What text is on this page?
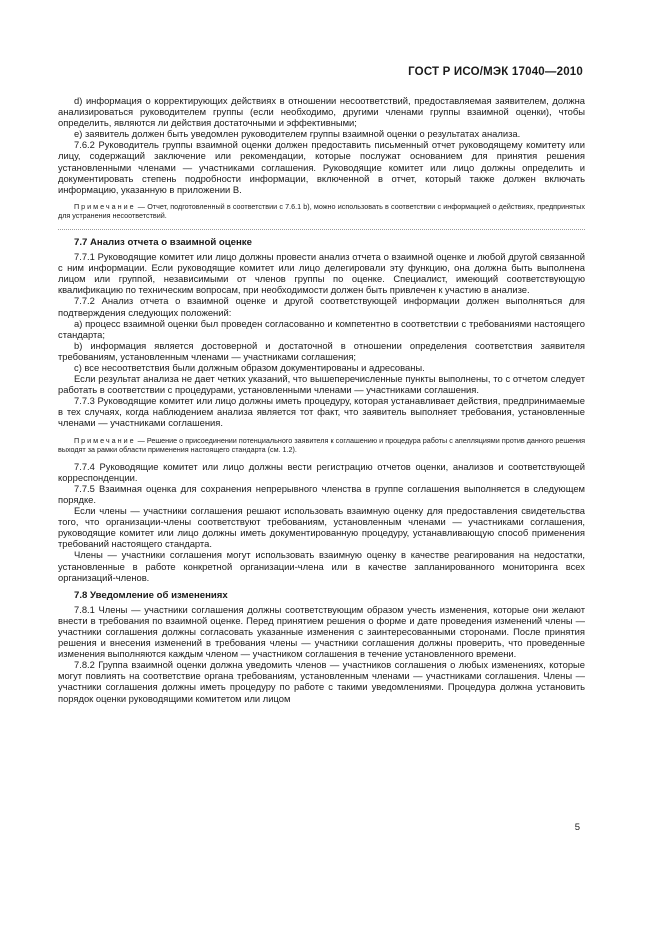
ГОСТ Р ИСО/МЭК 17040—2010

d) информация о корректирующих действиях в отношении несоответствий, предоставляемая заявителем, должна анализироваться руководителем группы (если необходимо, другими членами группы взаимной оценки), чтобы определить, являются ли действия достаточными и эффективными;

е) заявитель должен быть уведомлен руководителем группы взаимной оценки о результатах анализа.

7.6.2 Руководитель группы взаимной оценки должен предоставить письменный отчет руководящему комитету или лицу, содержащий заключение или рекомендации, которые послужат основанием для принятия решения установленными членами — участниками соглашения. Руководящие комитет или лицо должны определить и документировать степень подробности информации, включенной в отчет, который также должен включать информацию, указанную в приложении В.

Примечание — Отчет, подготовленный в соответствии с 7.6.1 b), можно использовать в соответствии с информацией о действиях, предпринятых для устранения несоответствий.

7.7 Анализ отчета о взаимной оценке

7.7.1 Руководящие комитет или лицо должны провести анализ отчета о взаимной оценке и любой другой связанной с ним информации. Если руководящие комитет или лицо делегировали эту функцию, она должна быть выполнена лицом или группой, независимыми от членов группы по оценке. Специалист, имеющий соответствующую квалификацию по техническим вопросам, при необходимости должен быть привлечен к участию в анализе.

7.7.2 Анализ отчета о взаимной оценке и другой соответствующей информации должен выполняться для подтверждения следующих положений:

а) процесс взаимной оценки был проведен согласованно и компетентно в соответствии с требованиями настоящего стандарта;

b) информация является достоверной и достаточной в отношении определения соответствия заявителя требованиям, установленным членами — участниками соглашения;

с) все несоответствия были должным образом документированы и адресованы.

Если результат анализа не дает четких указаний, что вышеперечисленные пункты выполнены, то с отчетом следует работать в соответствии с процедурами, установленными членами — участниками соглашения.

7.7.3 Руководящие комитет или лицо должны иметь процедуру, которая устанавливает действия, предпринимаемые в тех случаях, когда наблюдением анализа является тот факт, что заявитель выполняет требования, установленные членами — участниками соглашения.

Примечание — Решение о присоединении потенциального заявителя к соглашению и процедура работы с апелляциями против данного решения выходят за рамки области применения настоящего стандарта (см. 1.2).

7.7.4 Руководящие комитет или лицо должны вести регистрацию отчетов оценки, анализов и соответствующей корреспонденции.

7.7.5 Взаимная оценка для сохранения непрерывного членства в группе соглашения выполняется в следующем порядке.

Если члены — участники соглашения решают использовать взаимную оценку для предоставления свидетельства того, что организации-члены соответствуют требованиям, установленным членами — участниками соглашения, руководящие комитет или лицо должны иметь документированную процедуру, устанавливающую способ применения требований настоящего стандарта.

Члены — участники соглашения могут использовать взаимную оценку в качестве реагирования на недостатки, установленные в работе конкретной организации-члена или в качестве запланированного мониторинга всех организаций-членов.

7.8 Уведомление об изменениях

7.8.1 Члены — участники соглашения должны соответствующим образом учесть изменения, которые они желают внести в требования по взаимной оценке. Перед принятием решения о форме и дате проведения изменений члены — участники соглашения должны согласовать указанные изменения с заинтересованными сторонами. После принятия решения и внесения изменений в требования члены — участники соглашения должны проверить, что проведенные изменения выполняются каждым членом — участником соглашения в течение установленного времени.

7.8.2 Группа взаимной оценки должна уведомить членов — участников соглашения о любых изменениях, которые могут повлиять на соответствие органа требованиям, установленным членами — участниками соглашения. Члены — участники соглашения должны иметь процедуру по работе с такими уведомлениями. Процедура должна установить порядок оценки руководящими комитетом или лицом

5
